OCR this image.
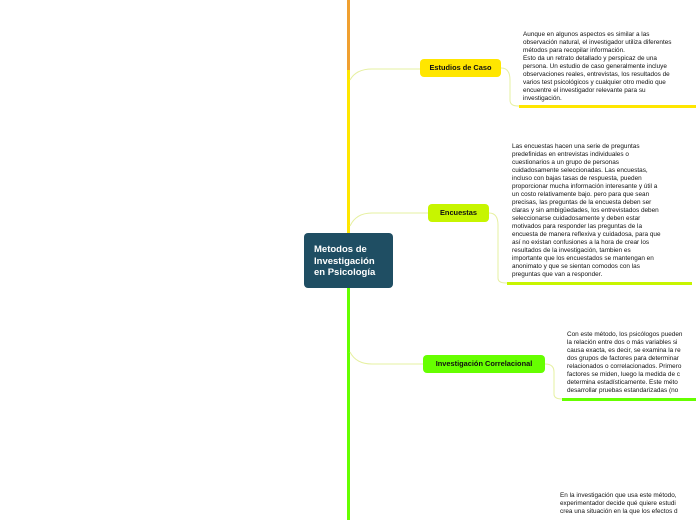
Metodos de Investigación en Psicología
Estudios de Caso
Aunque en algunos aspectos es similar a las
observación natural, el investigador utiliza diferentes
métodos para recopilar información.
Esto da un retrato detallado y perspicaz de una
persona. Un estudio de caso generalmente incluye
observaciones reales, entrevistas, los resultados de
varios test psicológicos y cualquier otro medio que
encuentre el investigador relevante para su
investigación.
Encuestas
Las encuestas hacen una serie de preguntas
predefinidas en entrevistas individuales o
cuestionarios a un grupo de personas
cuidadosamente seleccionadas. Las encuestas,
incluso con bajas tasas de respuesta, pueden
proporcionar mucha información interesante y útil a
un costo relativamente bajo. pero para que sean
precisas, las preguntas de la encuesta deben ser
claras y sin ambigüedades, los entrevistados deben
seleccionarse cuidadosamente y deben estar
motivados para responder las preguntas de la
encuesta de manera reflexiva y cuidadosa, para que
así no existan confusiones a la hora de crear los
resultados de la investigación, tambien es
importante que los encuestados se mantengan en
anonimato y que se sientan comodos con las
preguntas que van a responder.
Investigación Correlacional
Con este método, los psicólogos pueden
la relación entre dos o más variables si
causa exacta, es decir, se examina la re
dos grupos de factores para determinar
relacionados o correlacionados. Primero
factores se miden, luego la medida de c
determina estadísticamente. Este méto
desarrollar pruebas estandarizadas (no
En la investigación que usa este método,
experimentador decide qué quiere estudi
crea una situación en la que los efectos d
